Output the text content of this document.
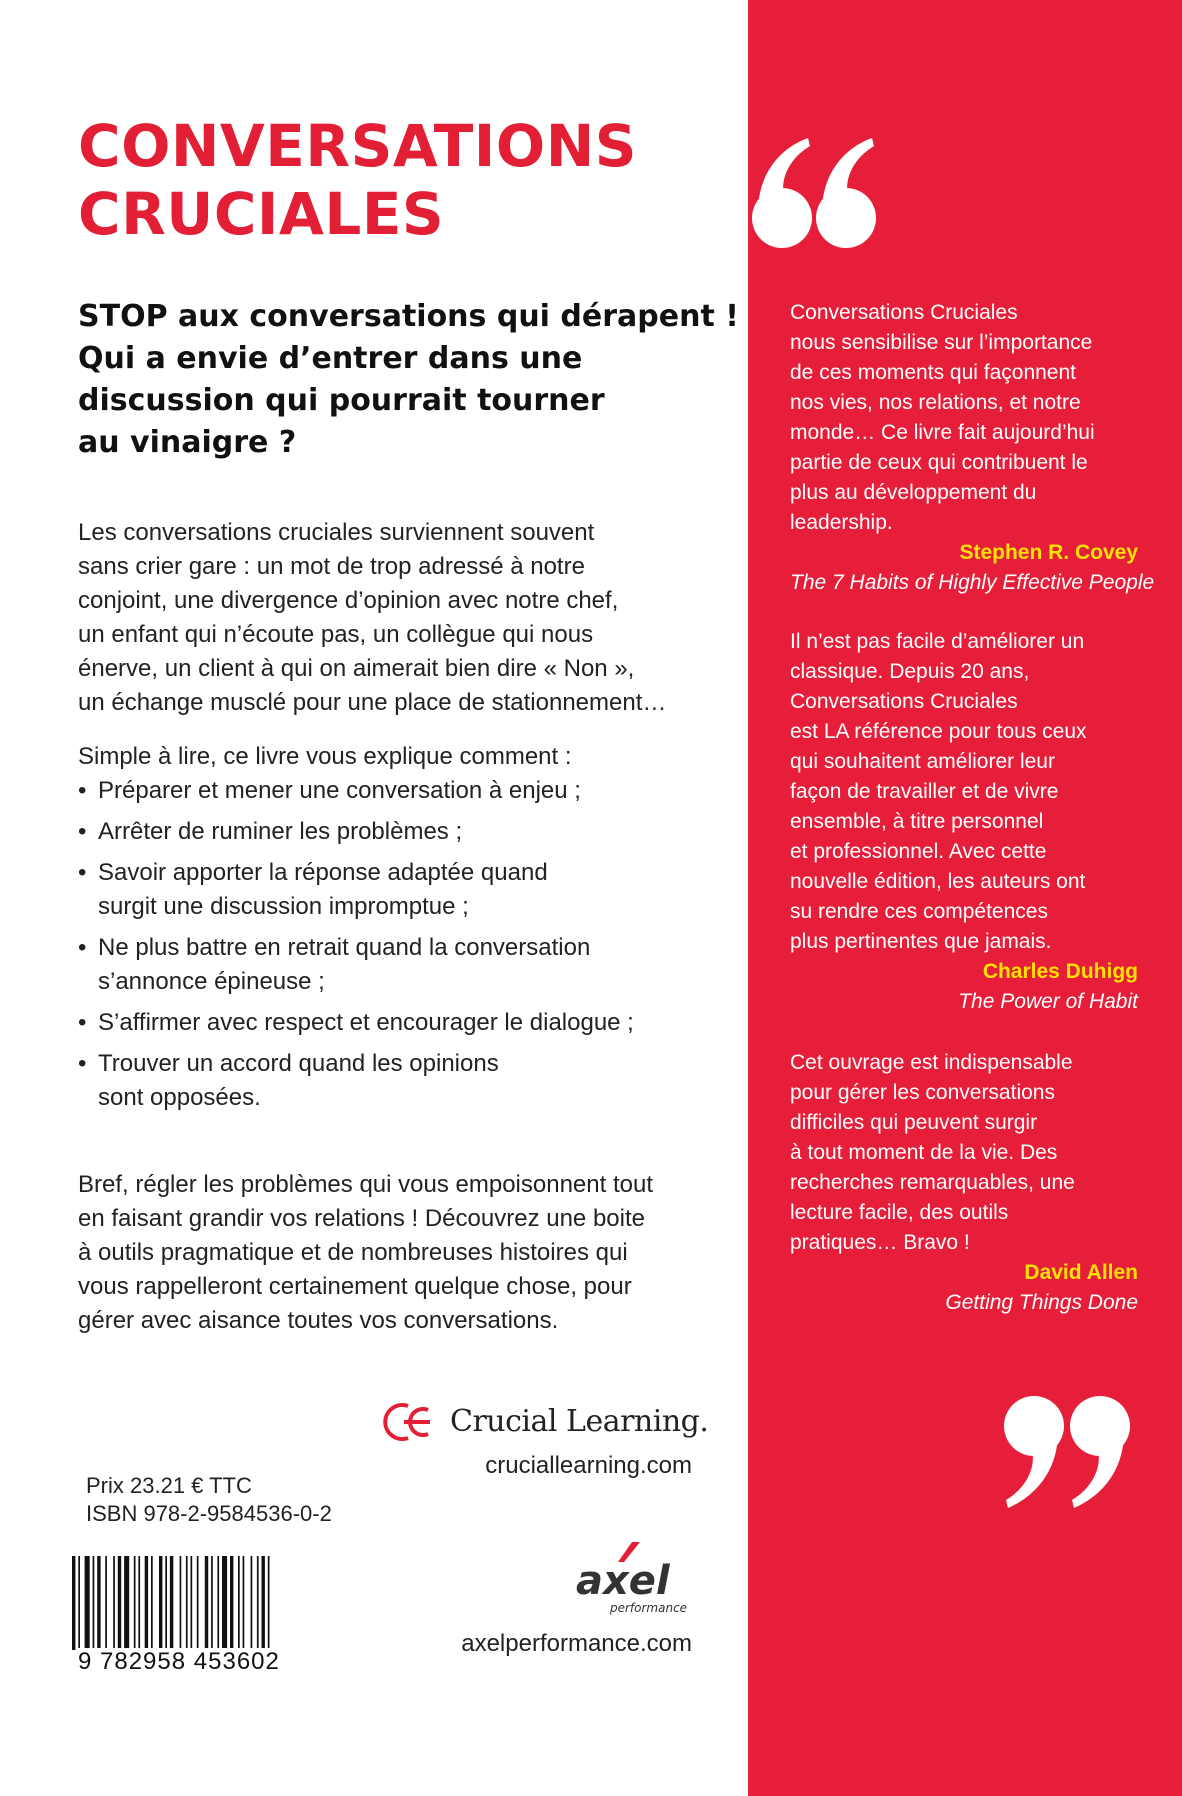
CONVERSATIONS
CRUCIALES

STOP aux conversations qui dérapent !
Qui a envie d’entrer dans une
discussion qui pourrait tourner
au vinaigre ?

Les conversations cruciales surviennent souvent
sans crier gare : un mot de trop adressé à notre
conjoint, une divergence d’opinion avec notre chef,
un enfant qui n’écoute pas, un collègue qui nous
énerve, un client à qui on aimerait bien dire « Non »,
un échange musclé pour une place de stationnement…

Simple à lire, ce livre vous explique comment :

• Préparer et mener une conversation à enjeu ;
• Arrêter de ruminer les problèmes ;
• Savoir apporter la réponse adaptée quand
surgit une discussion impromptue ;
• Ne plus battre en retrait quand la conversation
s’annonce épineuse ;
• S’affirmer avec respect et encourager le dialogue ;
• Trouver un accord quand les opinions
sont opposées.

Bref, régler les problèmes qui vous empoisonnent tout
en faisant grandir vos relations ! Découvrez une boite
à outils pragmatique et de nombreuses histoires qui
vous rappelleront certainement quelque chose, pour
gérer avec aisance toutes vos conversations.

Crucial Learning.
cruciallearning.com
Prix 23.21 € TTC
ISBN 978-2-9584536-0-2
9 782958 453602
axel
performance
axelperformance.com
Conversations Cruciales
nous sensibilise sur l’importance
de ces moments qui façonnent
nos vies, nos relations, et notre
monde… Ce livre fait aujourd’hui
partie de ceux qui contribuent le
plus au développement du
leadership.
Stephen R. Covey
The 7 Habits of Highly Effective People
Il n’est pas facile d’améliorer un
classique. Depuis 20 ans,
Conversations Cruciales
est LA référence pour tous ceux
qui souhaitent améliorer leur
façon de travailler et de vivre
ensemble, à titre personnel
et professionnel. Avec cette
nouvelle édition, les auteurs ont
su rendre ces compétences
plus pertinentes que jamais.
Charles Duhigg
The Power of Habit
Cet ouvrage est indispensable
pour gérer les conversations
difficiles qui peuvent surgir
à tout moment de la vie. Des
recherches remarquables, une
lecture facile, des outils
pratiques… Bravo !
David Allen
Getting Things Done
